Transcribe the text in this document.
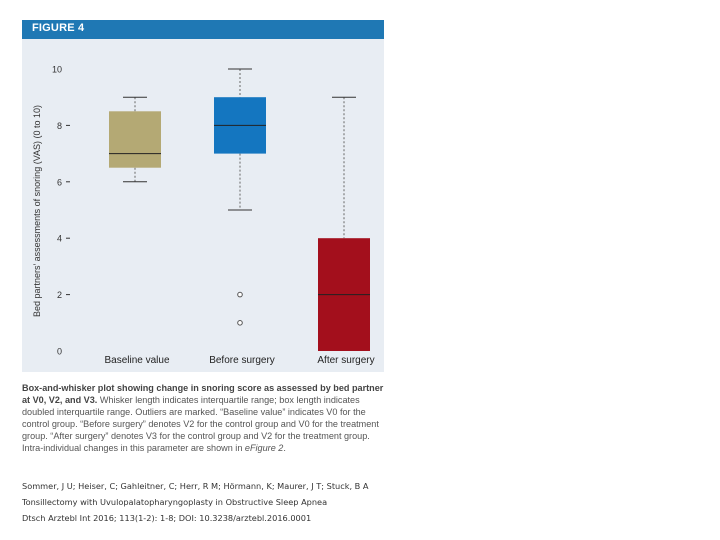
FIGURE 4
Bed partners’ assessments of snoring (VAS) (0 to 10)
0
2
4
6
8
10
Baseline value	Before surgery	After surgery
Box-and-whisker plot showing change in snoring score as assessed by bed partner at V0, V2, and V3. Whisker length indicates interquartile range; box length indicates doubled interquartile range. Outliers are marked. “Baseline value” indicates V0 for the control group. “Before surgery” denotes V2 for the control group and V0 for the treatment group. “After surgery” denotes V3 for the control group and V2 for the treatment group. Intra-individual changes in this parameter are shown in eFigure 2.
Sommer, J U; Heiser, C; Gahleitner, C; Herr, R M; Hörmann, K; Maurer, J T; Stuck, B A
Tonsillectomy with Uvulopalatopharyngoplasty in Obstructive Sleep Apnea
Dtsch Arztebl Int 2016; 113(1-2): 1-8; DOI: 10.3238/arztebl.2016.0001
